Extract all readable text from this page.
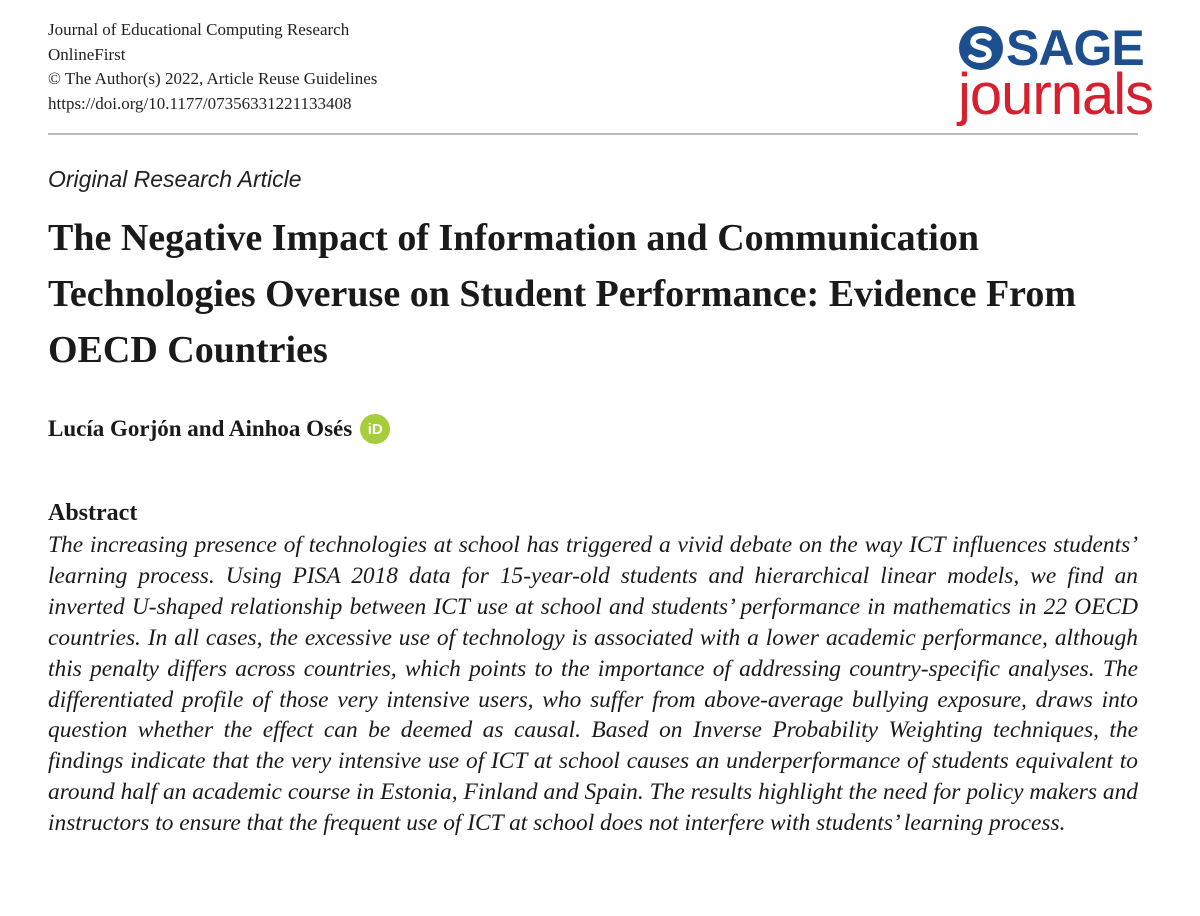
Journal of Educational Computing Research
OnlineFirst
© The Author(s) 2022, Article Reuse Guidelines
https://doi.org/10.1177/07356331221133408
SAGE
journals
Original Research Article
The Negative Impact of Information and Communication Technologies Overuse on Student Performance: Evidence From OECD Countries
Lucía Gorjón and Ainhoa Osés	iD
Abstract

The increasing presence of technologies at school has triggered a vivid debate on the way ICT influences students’ learning process. Using PISA 2018 data for 15-year-old students and hierarchical linear models, we find an inverted U-shaped relationship between ICT use at school and students’ performance in mathematics in 22 OECD countries. In all cases, the excessive use of technology is associated with a lower academic performance, although this penalty differs across countries, which points to the importance of addressing country-specific analyses. The differentiated profile of those very intensive users, who suffer from above-average bullying exposure, draws into question whether the effect can be deemed as causal. Based on Inverse Probability Weighting techniques, the findings indicate that the very intensive use of ICT at school causes an underperformance of students equivalent to around half an academic course in Estonia, Finland and Spain. The results highlight the need for policy makers and instructors to ensure that the frequent use of ICT at school does not interfere with students’ learning process.
